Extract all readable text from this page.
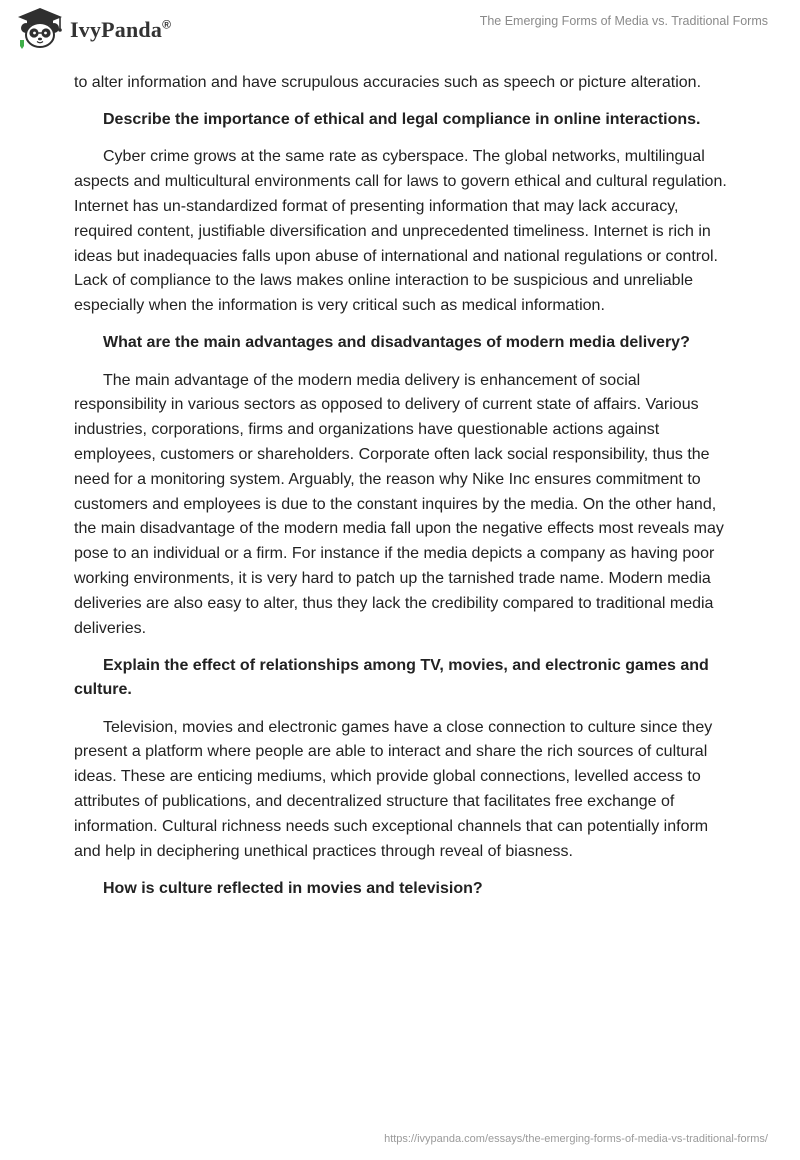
IvyPanda®	The Emerging Forms of Media vs. Traditional Forms

to alter information and have scrupulous accuracies such as speech or picture alteration.

Describe the importance of ethical and legal compliance in online interactions.

Cyber crime grows at the same rate as cyberspace. The global networks, multilingual aspects and multicultural environments call for laws to govern ethical and cultural regulation. Internet has un-standardized format of presenting information that may lack accuracy, required content, justifiable diversification and unprecedented timeliness. Internet is rich in ideas but inadequacies falls upon abuse of international and national regulations or control. Lack of compliance to the laws makes online interaction to be suspicious and unreliable especially when the information is very critical such as medical information.

What are the main advantages and disadvantages of modern media delivery?

The main advantage of the modern media delivery is enhancement of social responsibility in various sectors as opposed to delivery of current state of affairs. Various industries, corporations, firms and organizations have questionable actions against employees, customers or shareholders. Corporate often lack social responsibility, thus the need for a monitoring system. Arguably, the reason why Nike Inc ensures commitment to customers and employees is due to the constant inquires by the media. On the other hand, the main disadvantage of the modern media fall upon the negative effects most reveals may pose to an individual or a firm. For instance if the media depicts a company as having poor working environments, it is very hard to patch up the tarnished trade name. Modern media deliveries are also easy to alter, thus they lack the credibility compared to traditional media deliveries.

Explain the effect of relationships among TV, movies, and electronic games and culture.

Television, movies and electronic games have a close connection to culture since they present a platform where people are able to interact and share the rich sources of cultural ideas. These are enticing mediums, which provide global connections, levelled access to attributes of publications, and decentralized structure that facilitates free exchange of information. Cultural richness needs such exceptional channels that can potentially inform and help in deciphering unethical practices through reveal of biasness.

How is culture reflected in movies and television?

https://ivypanda.com/essays/the-emerging-forms-of-media-vs-traditional-forms/
